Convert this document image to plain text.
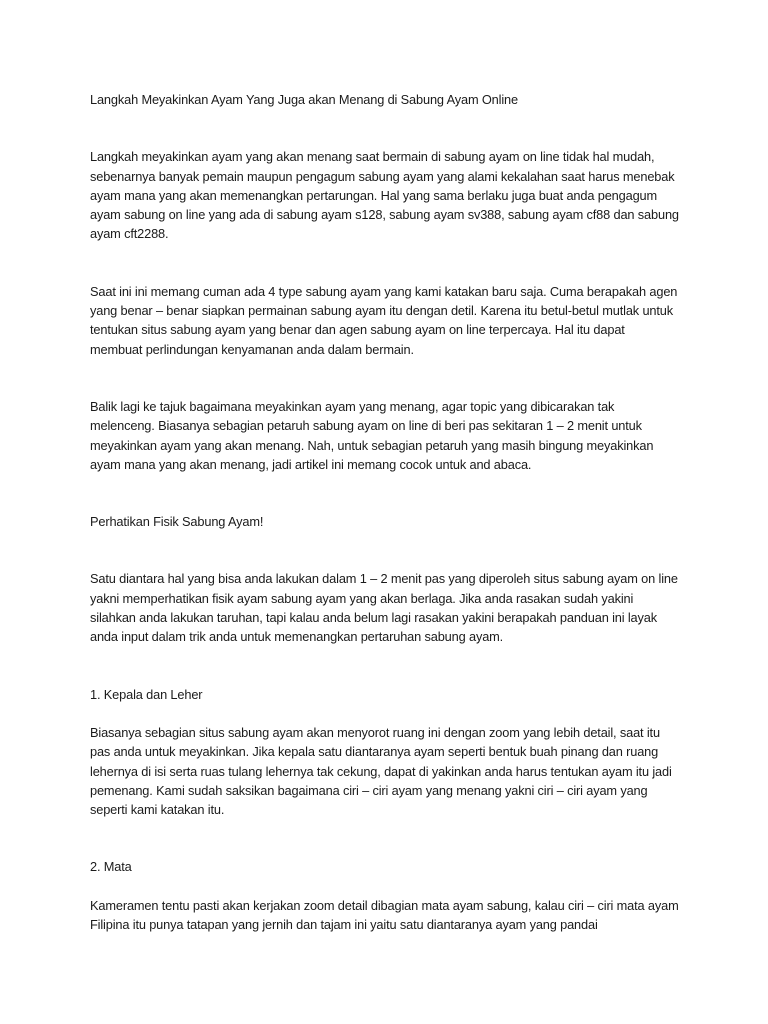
Langkah Meyakinkan Ayam Yang Juga akan Menang di Sabung Ayam Online

Langkah meyakinkan ayam yang akan menang saat bermain di sabung ayam on line tidak hal mudah, sebenarnya banyak pemain maupun pengagum sabung ayam yang alami kekalahan saat harus menebak ayam mana yang akan memenangkan pertarungan. Hal yang sama berlaku juga buat anda pengagum ayam sabung on line yang ada di sabung ayam s128, sabung ayam sv388, sabung ayam cf88 dan sabung ayam cft2288.

Saat ini ini memang cuman ada 4 type sabung ayam yang kami katakan baru saja. Cuma berapakah agen yang benar – benar siapkan permainan sabung ayam itu dengan detil. Karena itu betul-betul mutlak untuk tentukan situs sabung ayam yang benar dan agen sabung ayam on line terpercaya. Hal itu dapat membuat perlindungan kenyamanan anda dalam bermain.

Balik lagi ke tajuk bagaimana meyakinkan ayam yang menang, agar topic yang dibicarakan tak melenceng. Biasanya sebagian petaruh sabung ayam on line di beri pas sekitaran 1 – 2 menit untuk meyakinkan ayam yang akan menang. Nah, untuk sebagian petaruh yang masih bingung meyakinkan ayam mana yang akan menang, jadi artikel ini memang cocok untuk and abaca.

Perhatikan Fisik Sabung Ayam!

Satu diantara hal yang bisa anda lakukan dalam 1 – 2 menit pas yang diperoleh situs sabung ayam on line yakni memperhatikan fisik ayam sabung ayam yang akan berlaga. Jika anda rasakan sudah yakini silahkan anda lakukan taruhan, tapi kalau anda belum lagi rasakan yakini berapakah panduan ini layak anda input dalam trik anda untuk memenangkan pertaruhan sabung ayam.

1. Kepala dan Leher

Biasanya sebagian situs sabung ayam akan menyorot ruang ini dengan zoom yang lebih detail, saat itu pas anda untuk meyakinkan. Jika kepala satu diantaranya ayam seperti bentuk buah pinang dan ruang lehernya di isi serta ruas tulang lehernya tak cekung, dapat di yakinkan anda harus tentukan ayam itu jadi pemenang. Kami sudah saksikan bagaimana ciri – ciri ayam yang menang yakni ciri – ciri ayam yang seperti kami katakan itu.

2. Mata

Kameramen tentu pasti akan kerjakan zoom detail dibagian mata ayam sabung, kalau ciri – ciri mata ayam Filipina itu punya tatapan yang jernih dan tajam ini yaitu satu diantaranya ayam yang pandai
